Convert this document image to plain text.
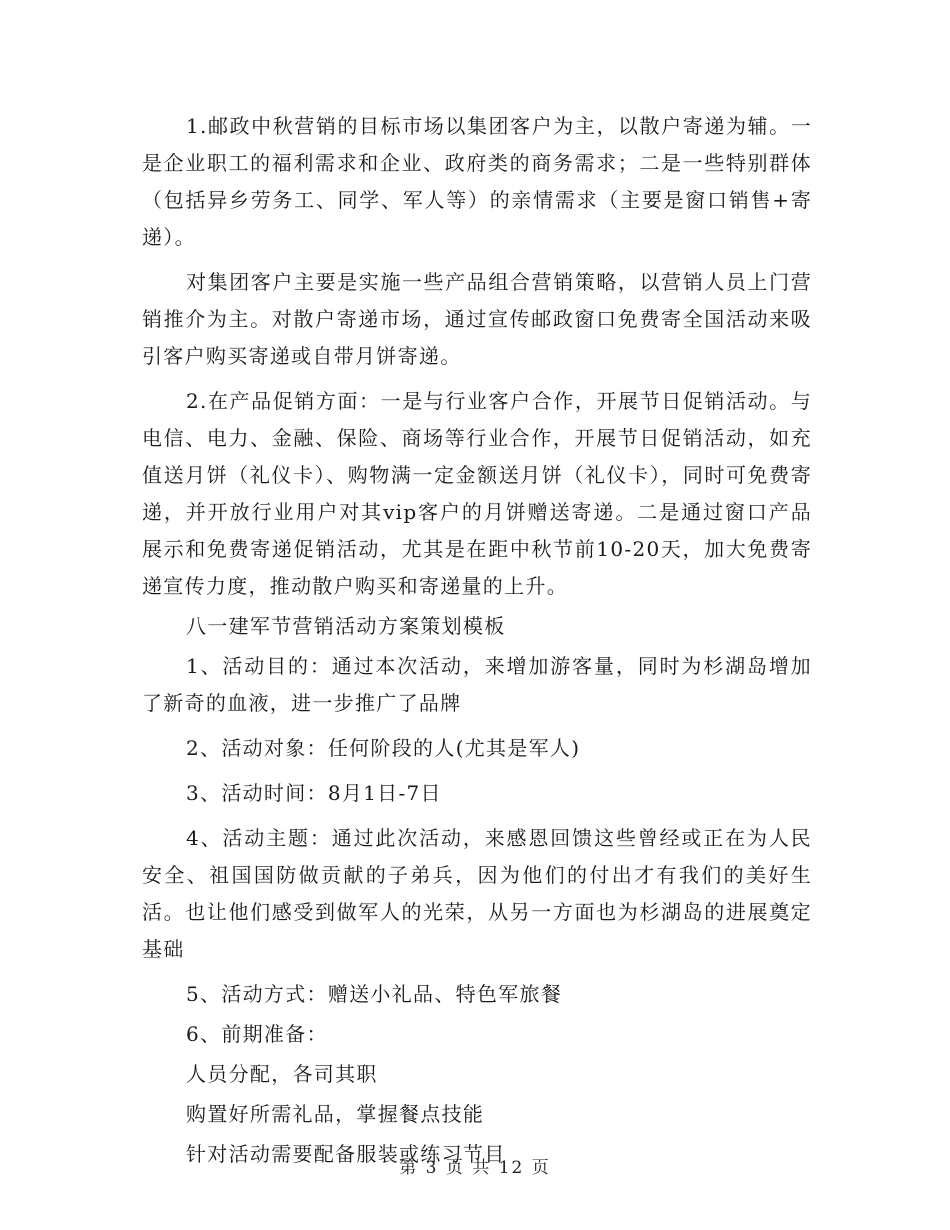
1.邮政中秋营销的目标市场以集团客户为主，以散户寄递为辅。一是企业职工的福利需求和企业、政府类的商务需求；二是一些特别群体（包括异乡劳务工、同学、军人等）的亲情需求（主要是窗口销售+寄递）。

对集团客户主要是实施一些产品组合营销策略，以营销人员上门营销推介为主。对散户寄递市场，通过宣传邮政窗口免费寄全国活动来吸引客户购买寄递或自带月饼寄递。

2.在产品促销方面：一是与行业客户合作，开展节日促销活动。与电信、电力、金融、保险、商场等行业合作，开展节日促销活动，如充值送月饼（礼仪卡）、购物满一定金额送月饼（礼仪卡），同时可免费寄递，并开放行业用户对其vip客户的月饼赠送寄递。二是通过窗口产品展示和免费寄递促销活动，尤其是在距中秋节前10-20天，加大免费寄递宣传力度，推动散户购买和寄递量的上升。

八一建军节营销活动方案策划模板

1、活动目的：通过本次活动，来增加游客量，同时为杉湖岛增加了新奇的血液，进一步推广了品牌

2、活动对象：任何阶段的人(尤其是军人)

3、活动时间：8月1日-7日

4、活动主题：通过此次活动，来感恩回馈这些曾经或正在为人民安全、祖国国防做贡献的子弟兵，因为他们的付出才有我们的美好生活。也让他们感受到做军人的光荣，从另一方面也为杉湖岛的进展奠定基础

5、活动方式：赠送小礼品、特色军旅餐

6、前期准备：

人员分配，各司其职

购置好所需礼品，掌握餐点技能

针对活动需要配备服装或练习节目

第 3 页 共 12 页
